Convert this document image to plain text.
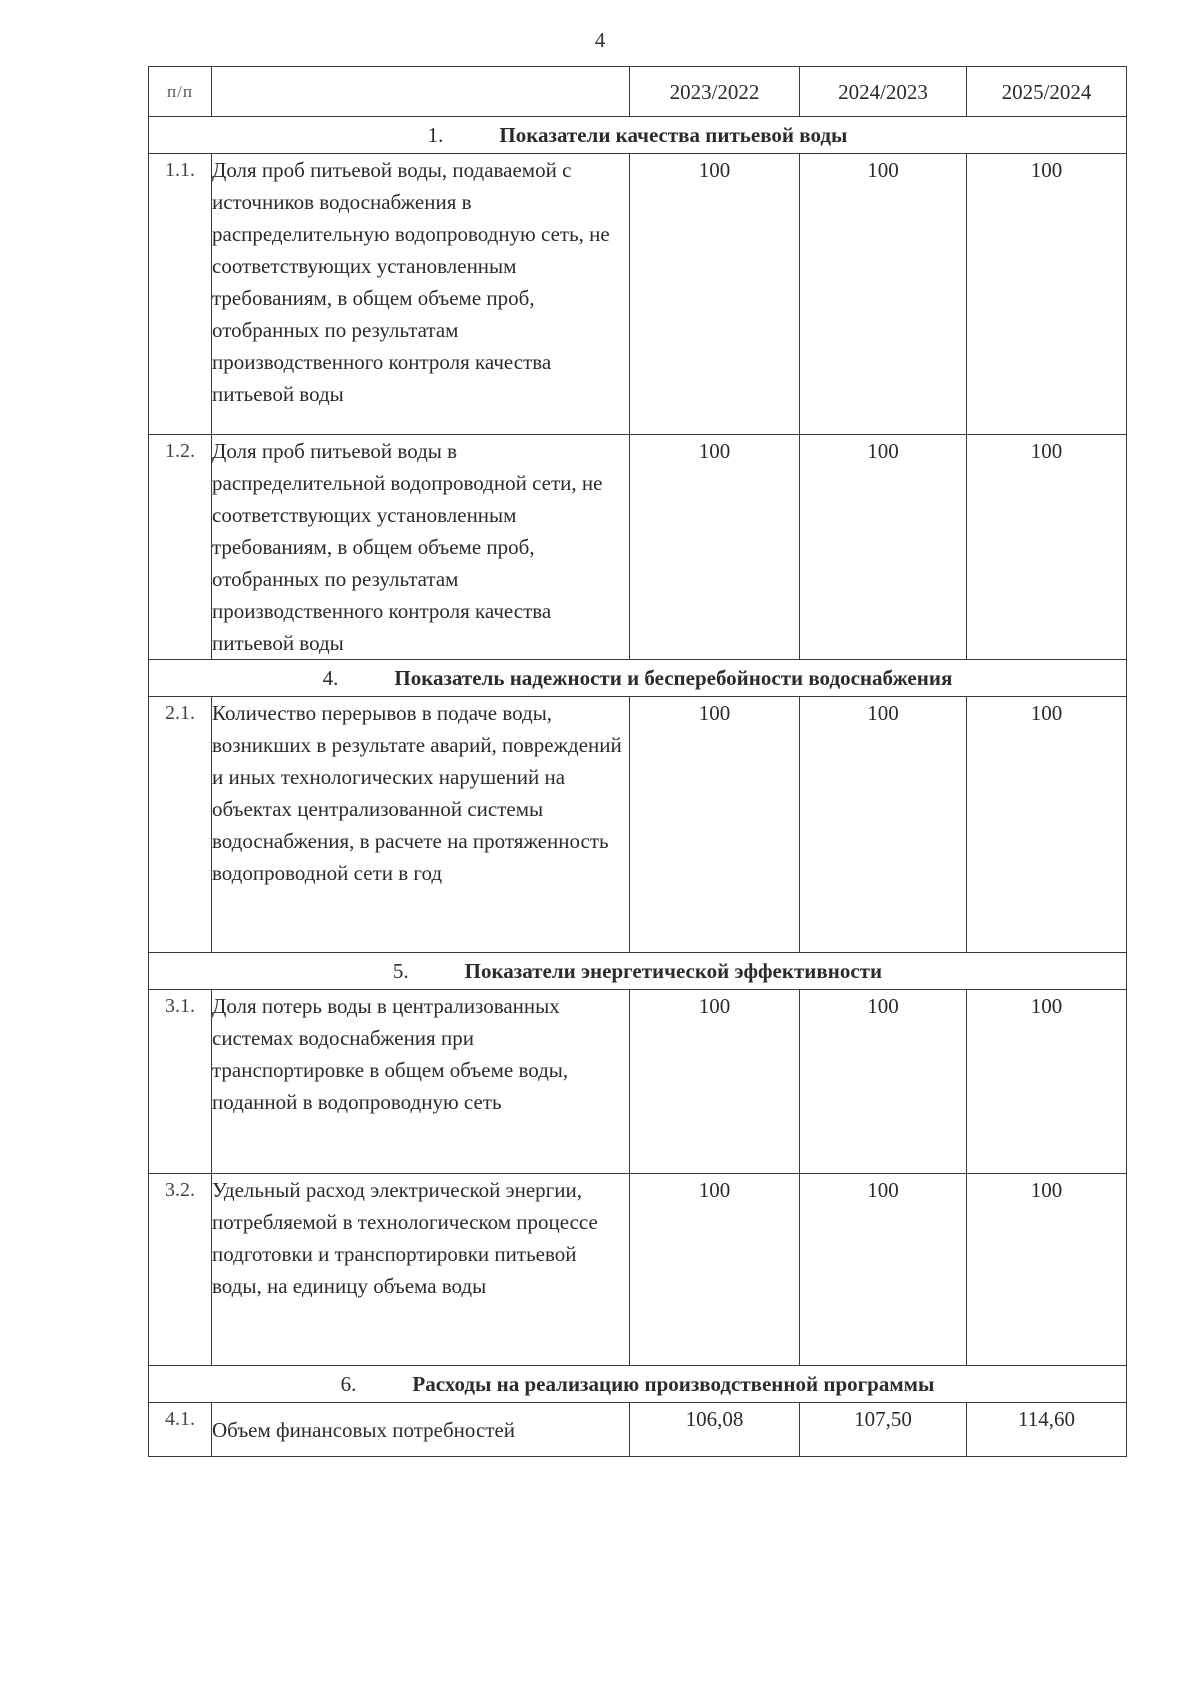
4
п/п		2023/2022	2024/2023	2025/2024
1. Показатели качества питьевой воды				
1.1.	Доля проб питьевой воды, подаваемой с источников водоснабжения в распределительную водопроводную сеть, не соответствующих установленным требованиям, в общем объеме проб, отобранных по результатам производственного контроля качества питьевой воды	100	100	100
1.2.	Доля проб питьевой воды в распределительной водопроводной сети, не соответствующих установленным требованиям, в общем объеме проб, отобранных по результатам производственного контроля качества питьевой воды	100	100	100
4. Показатель надежности и бесперебойности водоснабжения				
2.1.	Количество перерывов в подаче воды, возникших в результате аварий, повреждений и иных технологических нарушений на объектах централизованной системы водоснабжения, в расчете на протяженность водопроводной сети в год	100	100	100
5. Показатели энергетической эффективности				
3.1.	Доля потерь воды в централизованных системах водоснабжения при транспортировке в общем объеме воды, поданной в водопроводную сеть	100	100	100
3.2.	Удельный расход электрической энергии, потребляемой в технологическом процессе подготовки и транспортировки питьевой воды, на единицу объема воды	100	100	100
6. Расходы на реализацию производственной программы				
4.1.	Объем финансовых потребностей	106,08	107,50	114,60
